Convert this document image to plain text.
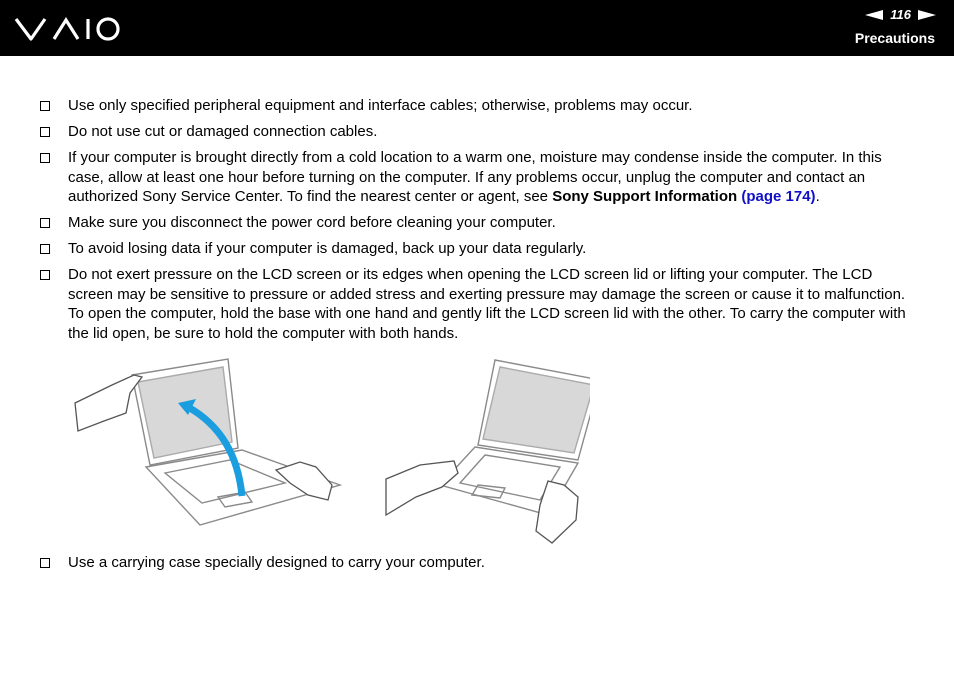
116
Precautions
Use only specified peripheral equipment and interface cables; otherwise, problems may occur.
Do not use cut or damaged connection cables.
If your computer is brought directly from a cold location to a warm one, moisture may condense inside the computer. In this case, allow at least one hour before turning on the computer. If any problems occur, unplug the computer and contact an authorized Sony Service Center. To find the nearest center or agent, see Sony Support Information (page 174).
Make sure you disconnect the power cord before cleaning your computer.
To avoid losing data if your computer is damaged, back up your data regularly.
Do not exert pressure on the LCD screen or its edges when opening the LCD screen lid or lifting your computer. The LCD screen may be sensitive to pressure or added stress and exerting pressure may damage the screen or cause it to malfunction. To open the computer, hold the base with one hand and gently lift the LCD screen lid with the other. To carry the computer with the lid open, be sure to hold the computer with both hands.
Use a carrying case specially designed to carry your computer.
